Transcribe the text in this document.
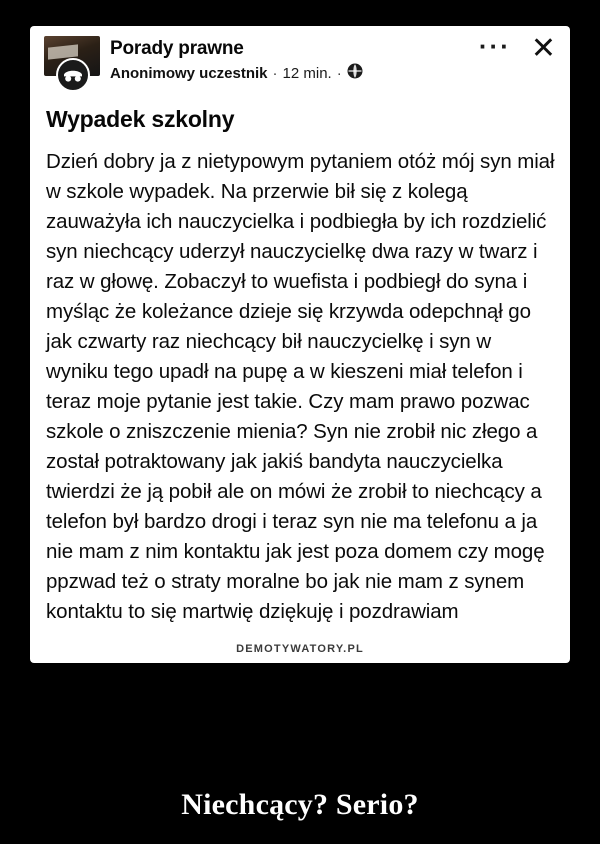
Porady prawne
Anonimowy uczestnik · 12 min. ·
··· ✕
Wypadek szkolny
Dzień dobry ja z nietypowym pytaniem otóż mój syn miał w szkole wypadek. Na przerwie bił się z kolegą zauważyła ich nauczycielka i podbiegła by ich rozdzielić syn niechcący uderzył nauczycielkę dwa razy w twarz i raz w głowę. Zobaczył to wuefista i podbiegł do syna i myśląc że koleżance dzieje się krzywda odepchnął go jak czwarty raz niechcący bił nauczycielkę i syn w wyniku tego upadł na pupę a w kieszeni miał telefon i teraz moje pytanie jest takie. Czy mam prawo pozwac szkole o zniszczenie mienia? Syn nie zrobił nic złego a został potraktowany jak jakiś bandyta nauczycielka twierdzi że ją pobił ale on mówi że zrobił to niechcący a telefon był bardzo drogi i teraz syn nie ma telefonu a ja nie mam z nim kontaktu jak jest poza domem czy mogę ppzwad też o straty moralne bo jak nie mam z synem kontaktu to się martwię dziękuję i pozdrawiam
DEMOTYWATORY.PL
Niechcący? Serio?
